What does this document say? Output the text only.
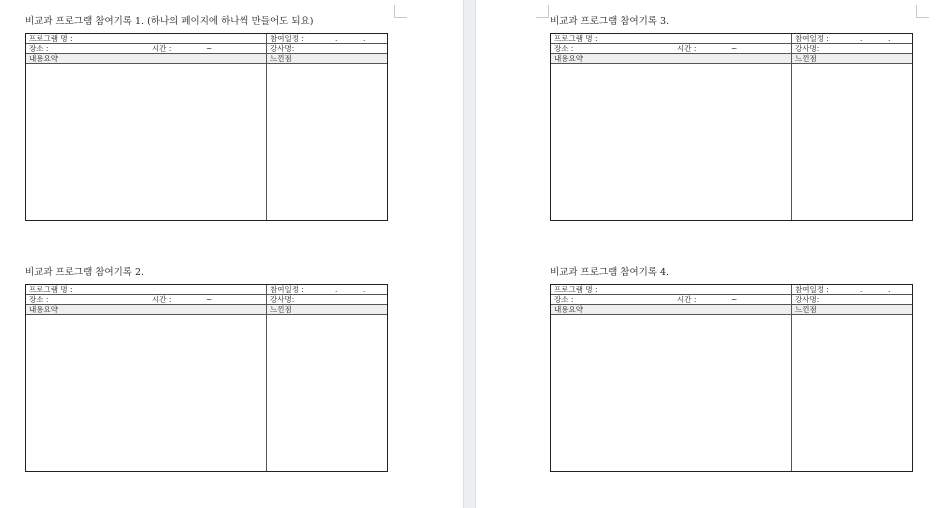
비교과 프로그램 참여기록 1. (하나의 페이지에 하나씩 만들어도 되요)
프로그램 명 :	참여일정 :	.	.
장소 :	시간 :	~	강사명:
내용요약	느낀점
비교과 프로그램 참여기록 2.
프로그램 명 :	참여일정 :	.	.
장소 :	시간 :	~	강사명:
내용요약	느낀점
비교과 프로그램 참여기록 3.
프로그램 명 :	참여일정 :	.	.
장소 :	시간 :	~	강사명:
내용요약	느낀점
비교과 프로그램 참여기록 4.
프로그램 명 :	참여일정 :	.	.
장소 :	시간 :	~	강사명:
내용요약	느낀점
